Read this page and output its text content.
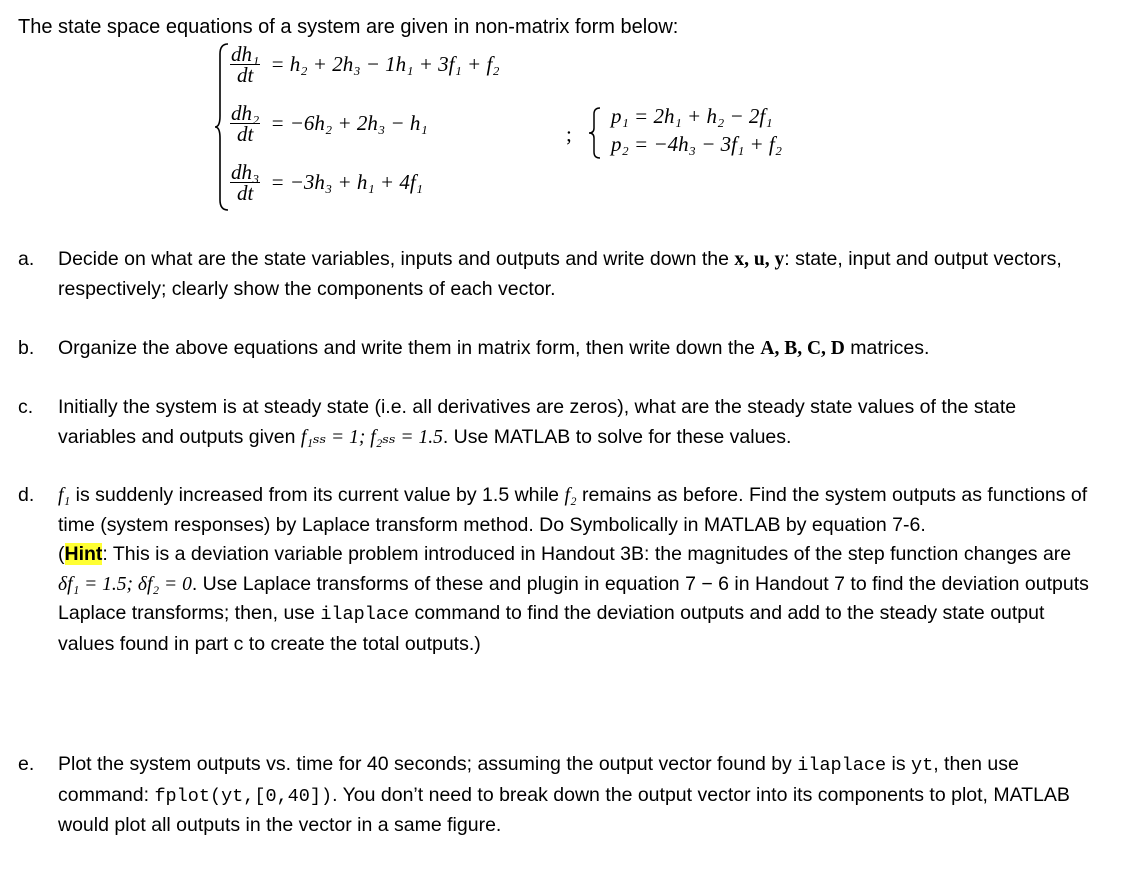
The state space equations of a system are given in non-matrix form below:
$\frac{\text{dh₁}}{dt} = h_2 + 2h_3 - 1h_1 + 3f_1 + f_2$
$\frac{\text{dh₂}}{dt} = -6h_2 + 2h_3 - h_1$
$\frac{\text{dh₃}}{dt} = -3h_3 + h_1 + 4f_1$
;
p₁ = 2h₁ + h₂ − 2f₁
p₂ = −4h₃ − 3f₁ + f₂
a. Decide on what are the state variables, inputs and outputs and write down the x, u, y: state, input and output vectors, respectively; clearly show the components of each vector.
b. Organize the above equations and write them in matrix form, then write down the A, B, C, D matrices.
c. Initially the system is at steady state (i.e. all derivatives are zeros), what are the steady state values of the state variables and outputs given f₁ₛₛ = 1; f₂ₛₛ = 1.5. Use MATLAB to solve for these values.
d. f₁ is suddenly increased from its current value by 1.5 while f₂ remains as before. Find the system outputs as functions of time (system responses) by Laplace transform method. Do Symbolically in MATLAB by equation 7-6.
(Hint: This is a deviation variable problem introduced in Handout 3B: the magnitudes of the step function changes are δf₁ = 1.5; δf₂ = 0. Use Laplace transforms of these and plugin in equation 7 − 6 in Handout 7 to find the deviation outputs Laplace transforms; then, use ilaplace command to find the deviation outputs and add to the steady state output values found in part c to create the total outputs.)
e. Plot the system outputs vs. time for 40 seconds; assuming the output vector found by ilaplace is yt, then use command: fplot(yt,[0,40]). You don’t need to break down the output vector into its components to plot, MATLAB would plot all outputs in the vector in a same figure.
